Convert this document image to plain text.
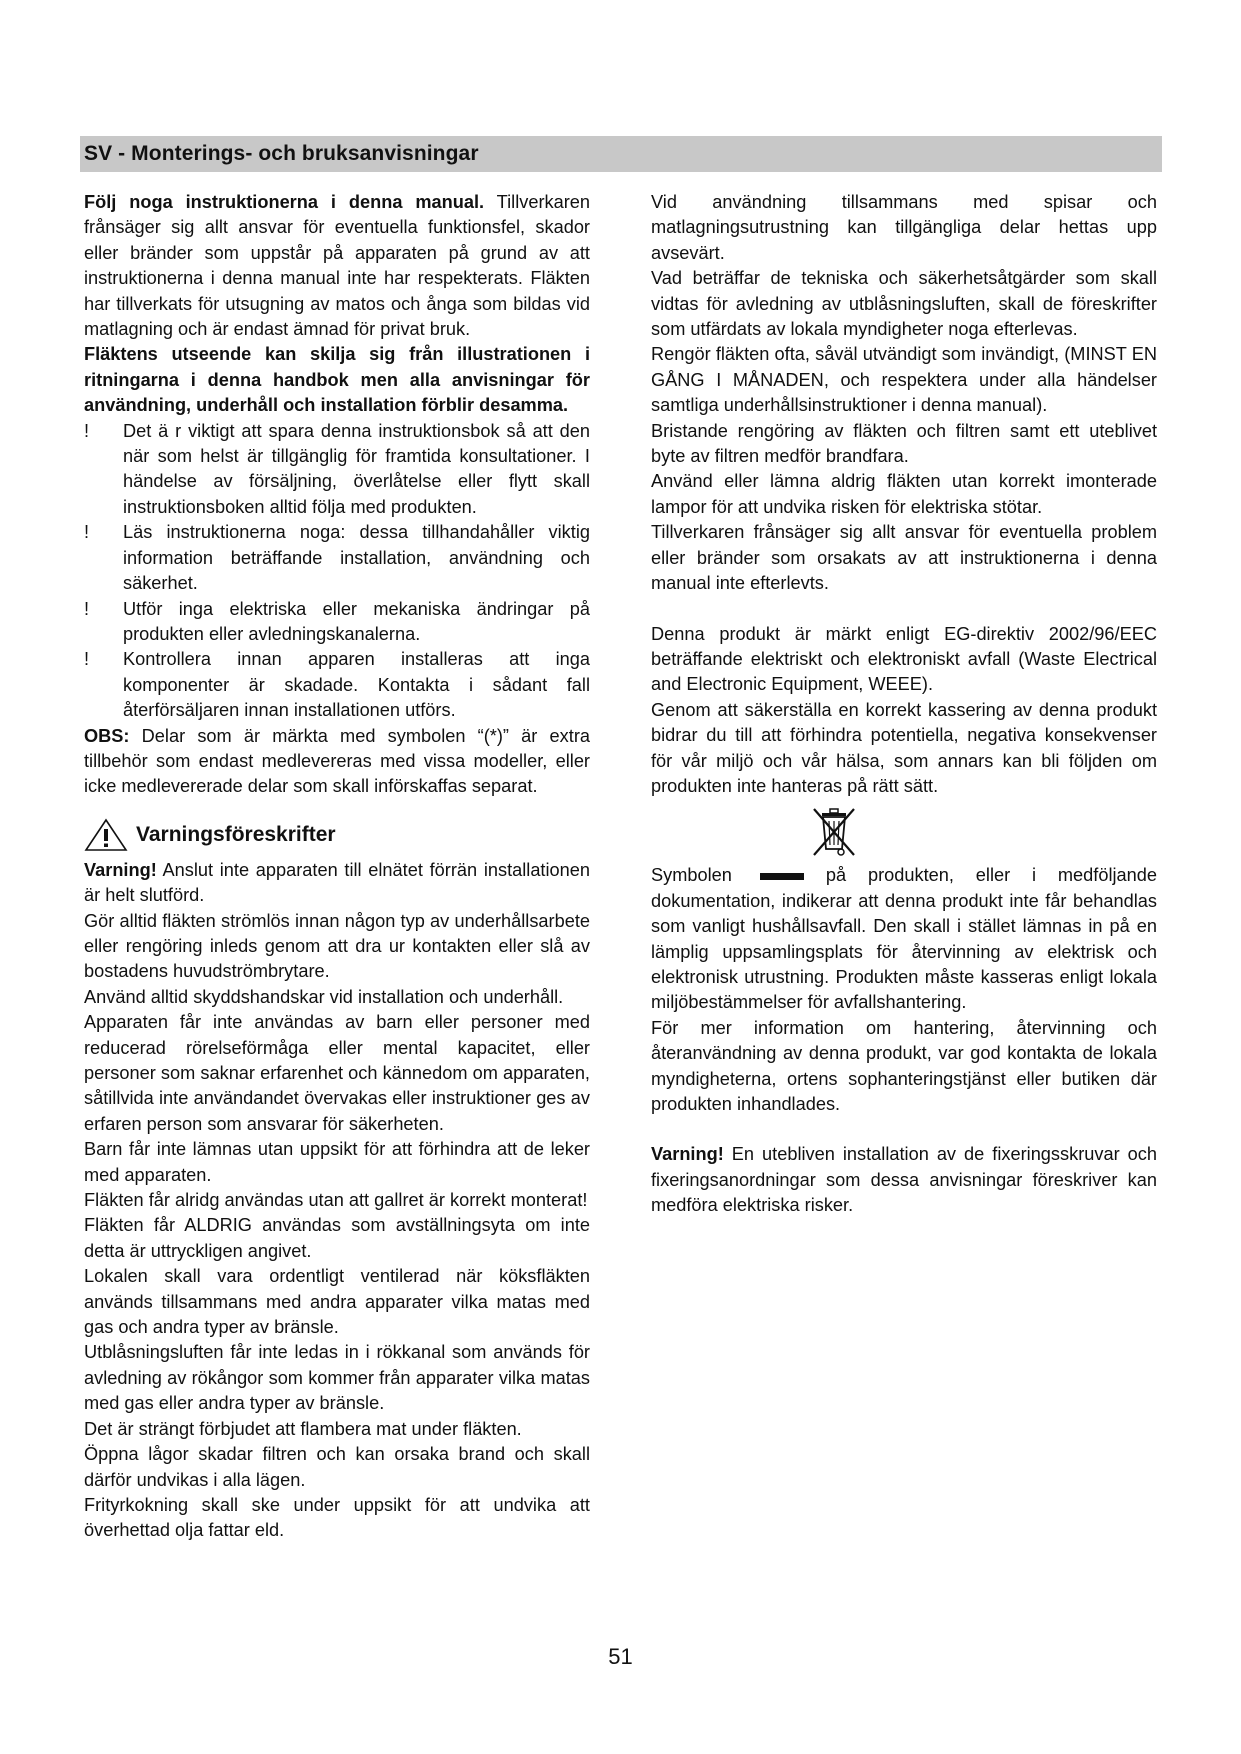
SV - Monterings- och bruksanvisningar

Följ noga instruktionerna i denna manual. Tillverkaren frånsäger sig allt ansvar för eventuella funktionsfel, skador eller bränder som uppstår på apparaten på grund av att instruktionerna i denna manual inte har respekterats. Fläkten har tillverkats för utsugning av matos och ånga som bildas vid matlagning och är endast ämnad för privat bruk.

Fläktens utseende kan skilja sig från illustrationen i ritningarna i denna handbok men alla anvisningar för användning, underhåll och installation förblir desamma.

!	Det ä r viktigt att spara denna instruktionsbok så att den när som helst är tillgänglig för framtida konsultationer. I händelse av försäljning, överlåtelse eller flytt skall instruktionsboken alltid följa med produkten.
!	Läs instruktionerna noga: dessa tillhandahåller viktig information beträffande installation, användning och säkerhet.
!	Utför inga elektriska eller mekaniska ändringar på produkten eller avledningskanalerna.
!	Kontrollera innan apparen installeras att inga komponenter är skadade. Kontakta i sådant fall återförsäljaren innan installationen utförs.

OBS: Delar som är märkta med symbolen “(*)” är extra tillbehör som endast medlevereras med vissa modeller, eller icke medlevererade delar som skall införskaffas separat.

Varningsföreskrifter

Varning! Anslut inte apparaten till elnätet förrän installationen är helt slutförd.

Gör alltid fläkten strömlös innan någon typ av underhållsarbete eller rengöring inleds genom att dra ur kontakten eller slå av bostadens huvudströmbrytare.

Använd alltid skyddshandskar vid installation och underhåll.

Apparaten får inte användas av barn eller personer med reducerad rörelseförmåga eller mental kapacitet, eller personer som saknar erfarenhet och kännedom om apparaten, såtillvida inte användandet övervakas eller instruktioner ges av erfaren person som ansvarar för säkerheten.

Barn får inte lämnas utan uppsikt för att förhindra att de leker med apparaten.

Fläkten får alridg användas utan att gallret är korrekt monterat!

Fläkten får ALDRIG användas som avställningsyta om inte detta är uttryckligen angivet.

Lokalen skall vara ordentligt ventilerad när köksfläkten används tillsammans med andra apparater vilka matas med gas och andra typer av bränsle.

Utblåsningsluften får inte ledas in i rökkanal som används för avledning av rökångor som kommer från apparater vilka matas med gas eller andra typer av bränsle.

Det är strängt förbjudet att flambera mat under fläkten.

Öppna lågor skadar filtren och kan orsaka brand och skall därför undvikas i alla lägen.

Frityrkokning skall ske under uppsikt för att undvika att överhettad olja fattar eld.

Vid användning tillsammans med spisar och matlagningsutrustning kan tillgängliga delar hettas upp avsevärt.

Vad beträffar de tekniska och säkerhetsåtgärder som skall vidtas för avledning av utblåsningsluften, skall de föreskrifter som utfärdats av lokala myndigheter noga efterlevas.

Rengör fläkten ofta, såväl utvändigt som invändigt, (MINST EN GÅNG I MÅNADEN, och respektera under alla händelser samtliga underhållsinstruktioner i denna manual).

Bristande rengöring av fläkten och filtren samt ett uteblivet byte av filtren medför brandfara.

Använd eller lämna aldrig fläkten utan korrekt imonterade lampor för att undvika risken för elektriska stötar.

Tillverkaren frånsäger sig allt ansvar för eventuella problem eller bränder som orsakats av att instruktionerna i denna manual inte efterlevts.

Denna produkt är märkt enligt EG-direktiv 2002/96/EEC beträffande elektriskt och elektroniskt avfall (Waste Electrical and Electronic Equipment, WEEE).

Genom att säkerställa en korrekt kassering av denna produkt bidrar du till att förhindra potentiella, negativa konsekvenser för vår miljö och vår hälsa, som annars kan bli följden om produkten inte hanteras på rätt sätt.

Symbolen	på produkten, eller i medföljande dokumentation, indikerar att denna produkt inte får behandlas som vanligt hushållsavfall. Den skall i stället lämnas in på en lämplig uppsamlingsplats för återvinning av elektrisk och elektronisk utrustning. Produkten måste kasseras enligt lokala miljöbestämmelser för avfallshantering.

För mer information om hantering, återvinning och återanvändning av denna produkt, var god kontakta de lokala myndigheterna, ortens sophanteringstjänst eller butiken där produkten inhandlades.

Varning! En utebliven installation av de fixeringsskruvar och fixeringsanordningar som dessa anvisningar föreskriver kan medföra elektriska risker.

51
